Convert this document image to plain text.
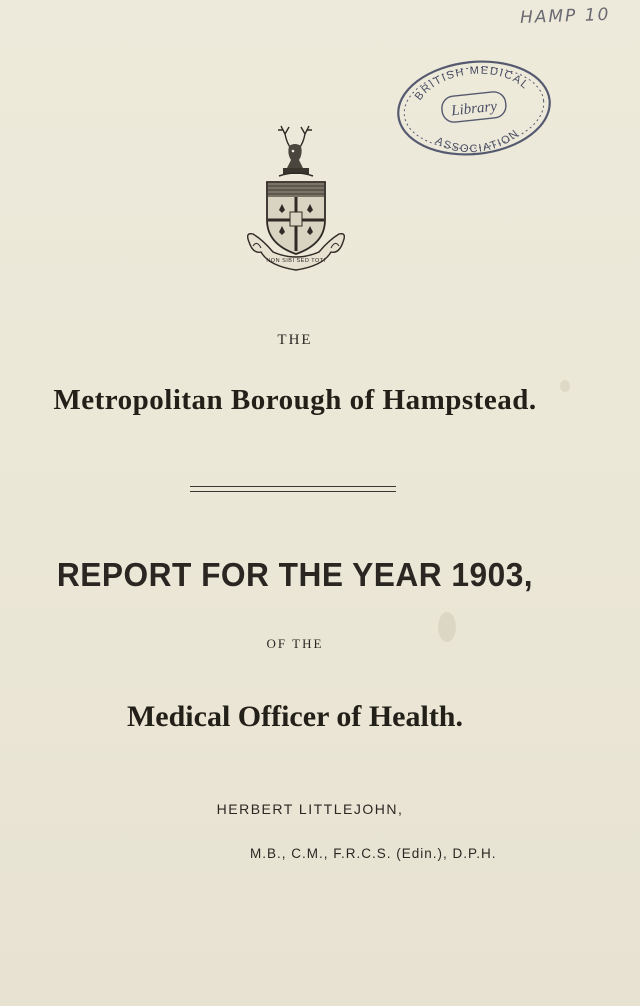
HAMP 10
BRITISH MEDICAL
Library
ASSOCIATION
NON SIBI SED TOTI
THE
Metropolitan Borough of Hampstead.
REPORT FOR THE YEAR 1903,
OF THE
Medical Officer of Health.
HERBERT LITTLEJOHN,
M.B., C.M., F.R.C.S. (Edin.), D.P.H.
